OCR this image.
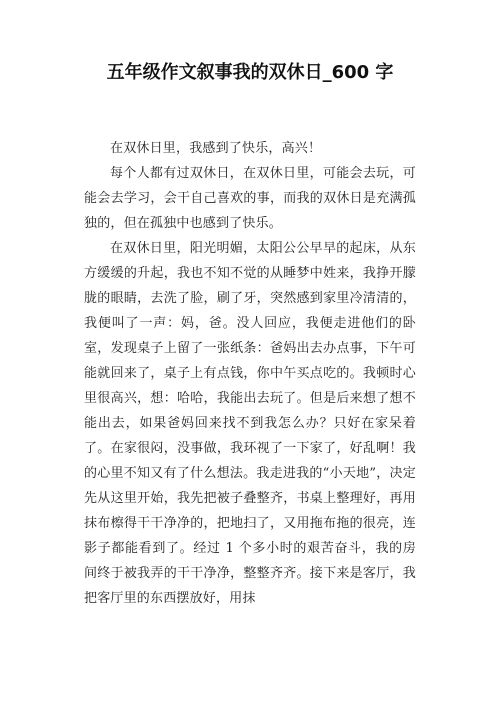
五年级作文叙事我的双休日_600 字

在双休日里，我感到了快乐，高兴！

每个人都有过双休日，在双休日里，可能会去玩，可能会去学习，会干自己喜欢的事，而我的双休日是充满孤独的，但在孤独中也感到了快乐。

在双休日里，阳光明媚，太阳公公早早的起床，从东方缓缓的升起，我也不知不觉的从睡梦中姓来，我挣开朦胧的眼睛，去洗了脸，刷了牙，突然感到家里冷清清的，我便叫了一声：妈，爸。没人回应，我便走进他们的卧室，发现桌子上留了一张纸条：爸妈出去办点事，下午可能就回来了，桌子上有点钱，你中午买点吃的。我顿时心里很高兴，想：哈哈，我能出去玩了。但是后来想了想不能出去，如果爸妈回来找不到我怎么办？只好在家呆着了。在家很闷，没事做，我环视了一下家了，好乱啊！我的心里不知又有了什么想法。我走进我的“小天地”，决定先从这里开始，我先把被子叠整齐，书桌上整理好，再用抹布檫得干干净净的，把地扫了，又用拖布拖的很亮，连影子都能看到了。经过 1 个多小时的艰苦奋斗，我的房间终于被我弄的干干净净，整整齐齐。接下来是客厅，我把客厅里的东西摆放好，用抹
